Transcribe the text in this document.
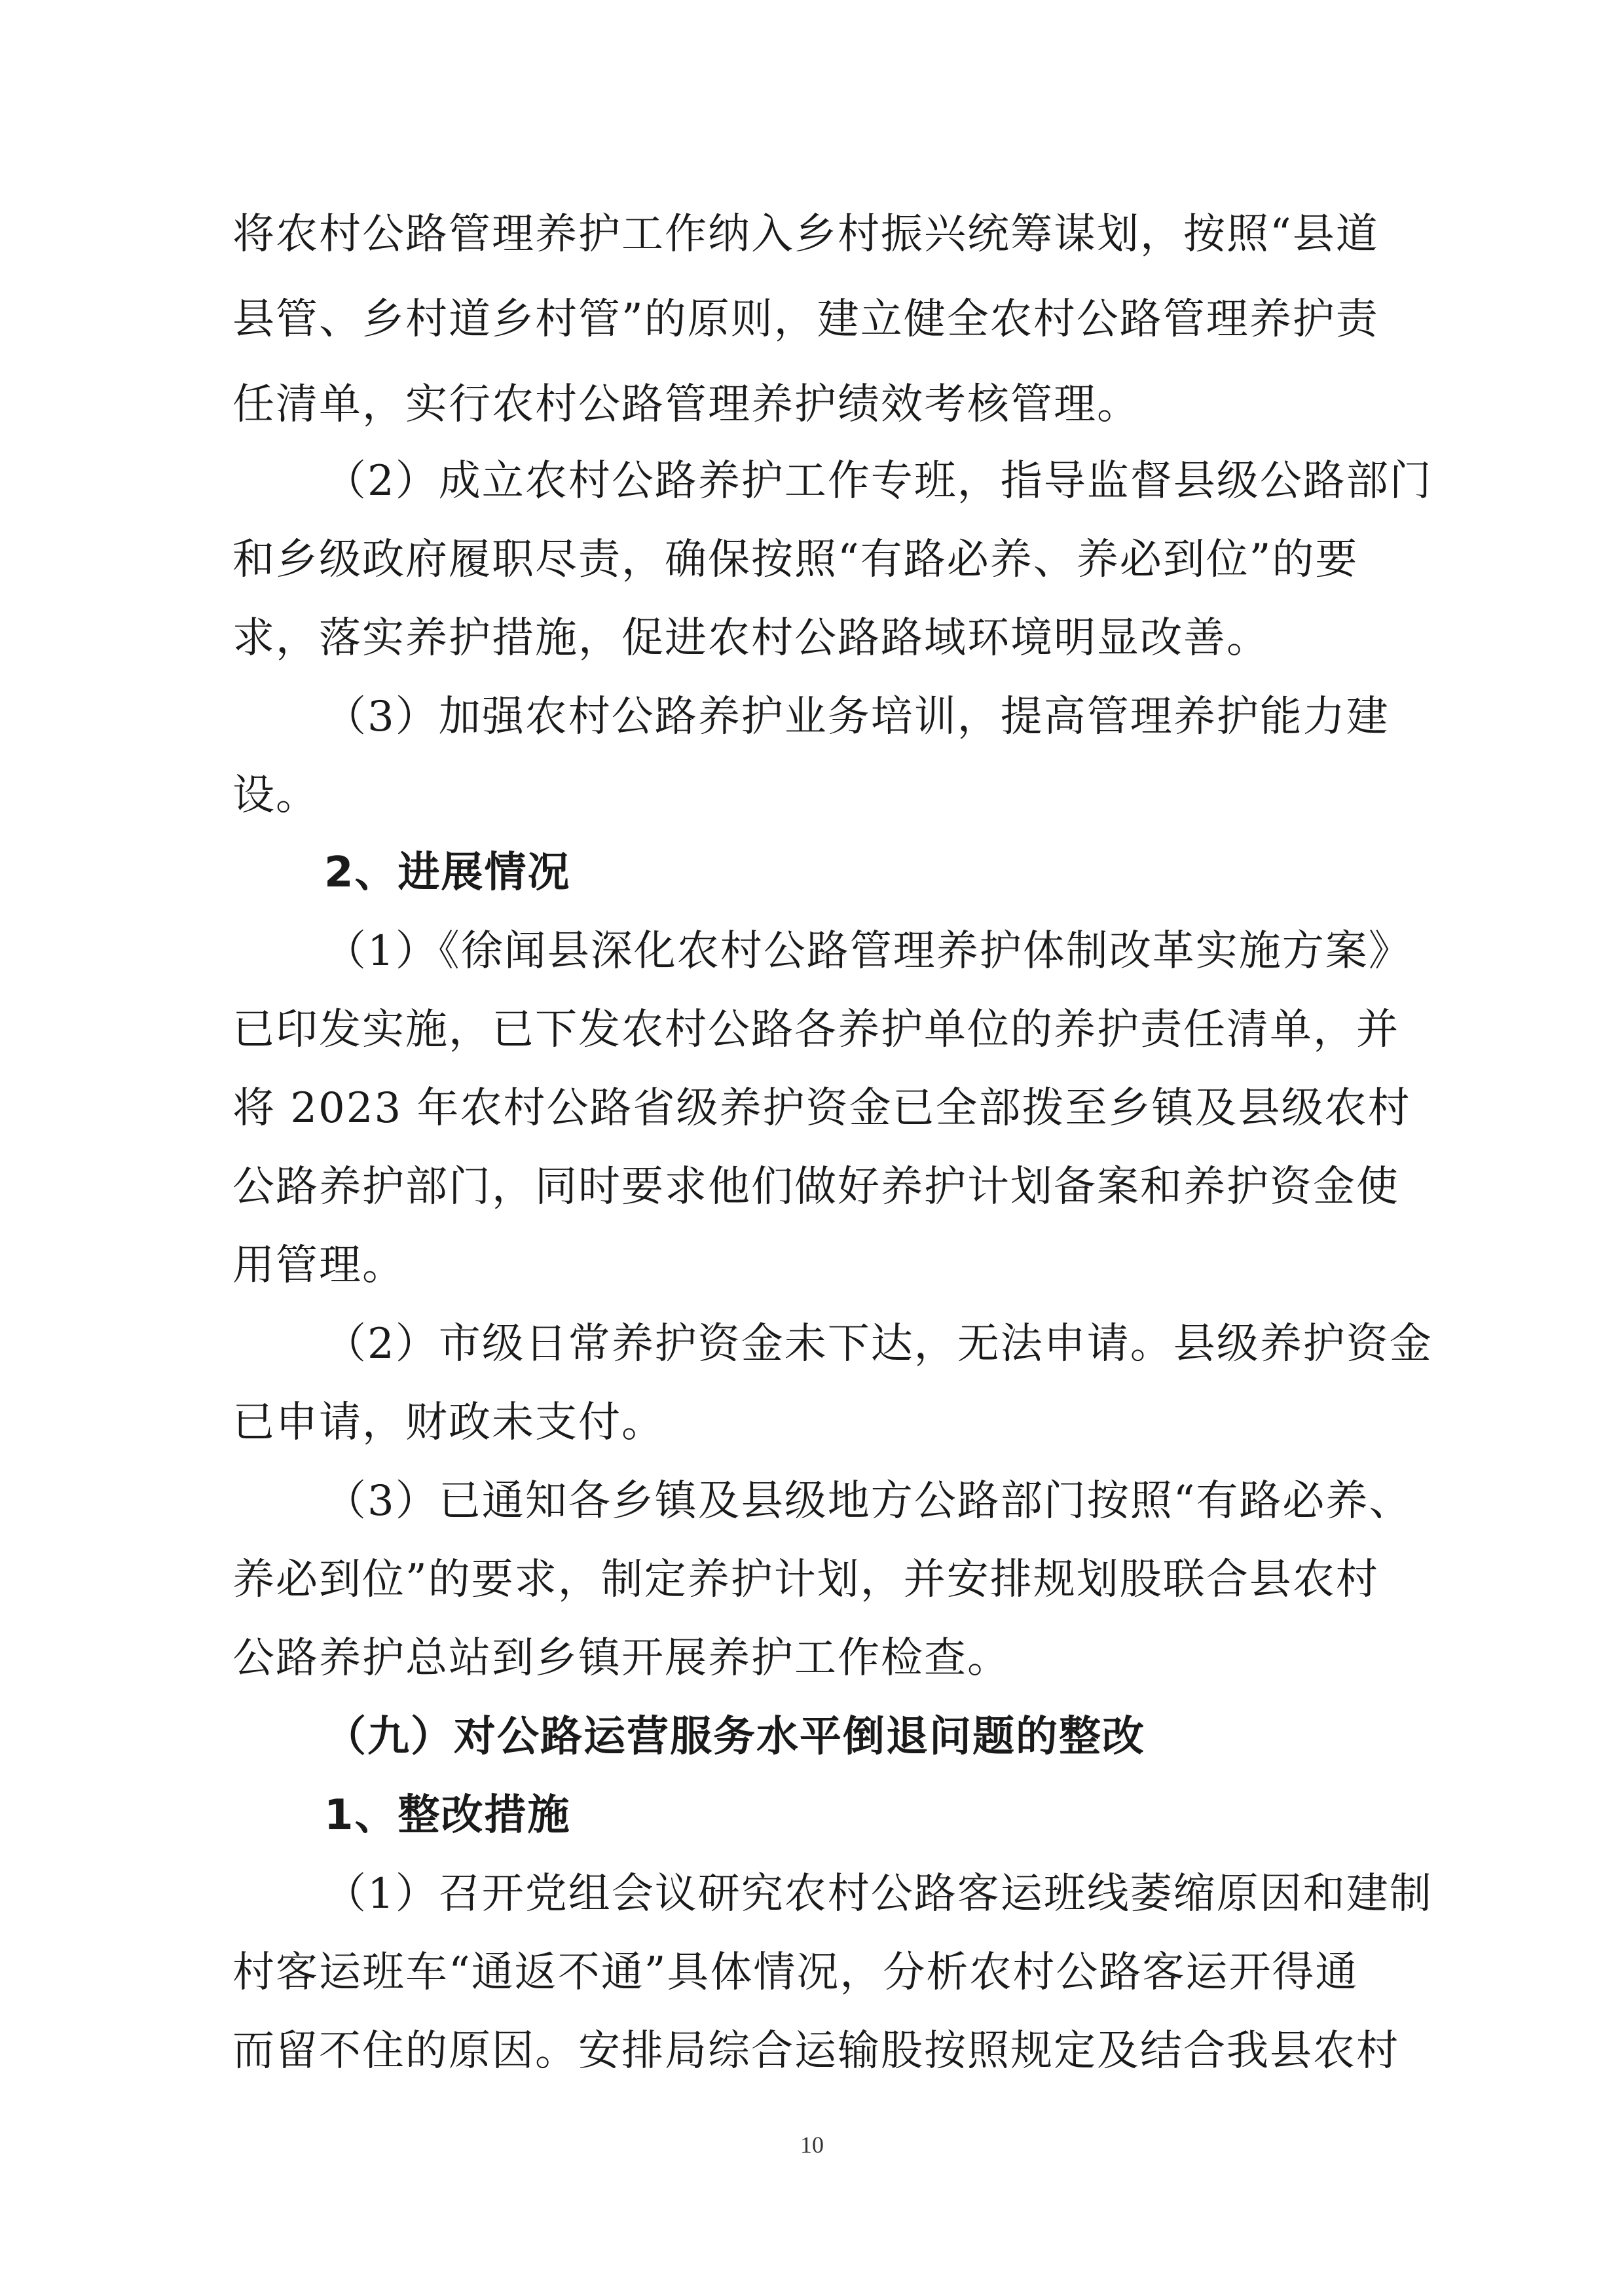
将农村公路管理养护工作纳入乡村振兴统筹谋划，按照“县道
县管、乡村道乡村管”的原则，建立健全农村公路管理养护责
任清单，实行农村公路管理养护绩效考核管理。
（2）成立农村公路养护工作专班，指导监督县级公路部门
和乡级政府履职尽责，确保按照“有路必养、养必到位”的要
求，落实养护措施，促进农村公路路域环境明显改善。
（3）加强农村公路养护业务培训，提高管理养护能力建
设。
2、进展情况
（1）《徐闻县深化农村公路管理养护体制改革实施方案》
已印发实施，已下发农村公路各养护单位的养护责任清单，并
将 2023 年农村公路省级养护资金已全部拨至乡镇及县级农村
公路养护部门，同时要求他们做好养护计划备案和养护资金使
用管理。
（2）市级日常养护资金未下达，无法申请。县级养护资金
已申请，财政未支付。
（3）已通知各乡镇及县级地方公路部门按照“有路必养、
养必到位”的要求，制定养护计划，并安排规划股联合县农村
公路养护总站到乡镇开展养护工作检查。
（九）对公路运营服务水平倒退问题的整改
1、整改措施
（1）召开党组会议研究农村公路客运班线萎缩原因和建制
村客运班车“通返不通”具体情况，分析农村公路客运开得通
而留不住的原因。安排局综合运输股按照规定及结合我县农村
10
